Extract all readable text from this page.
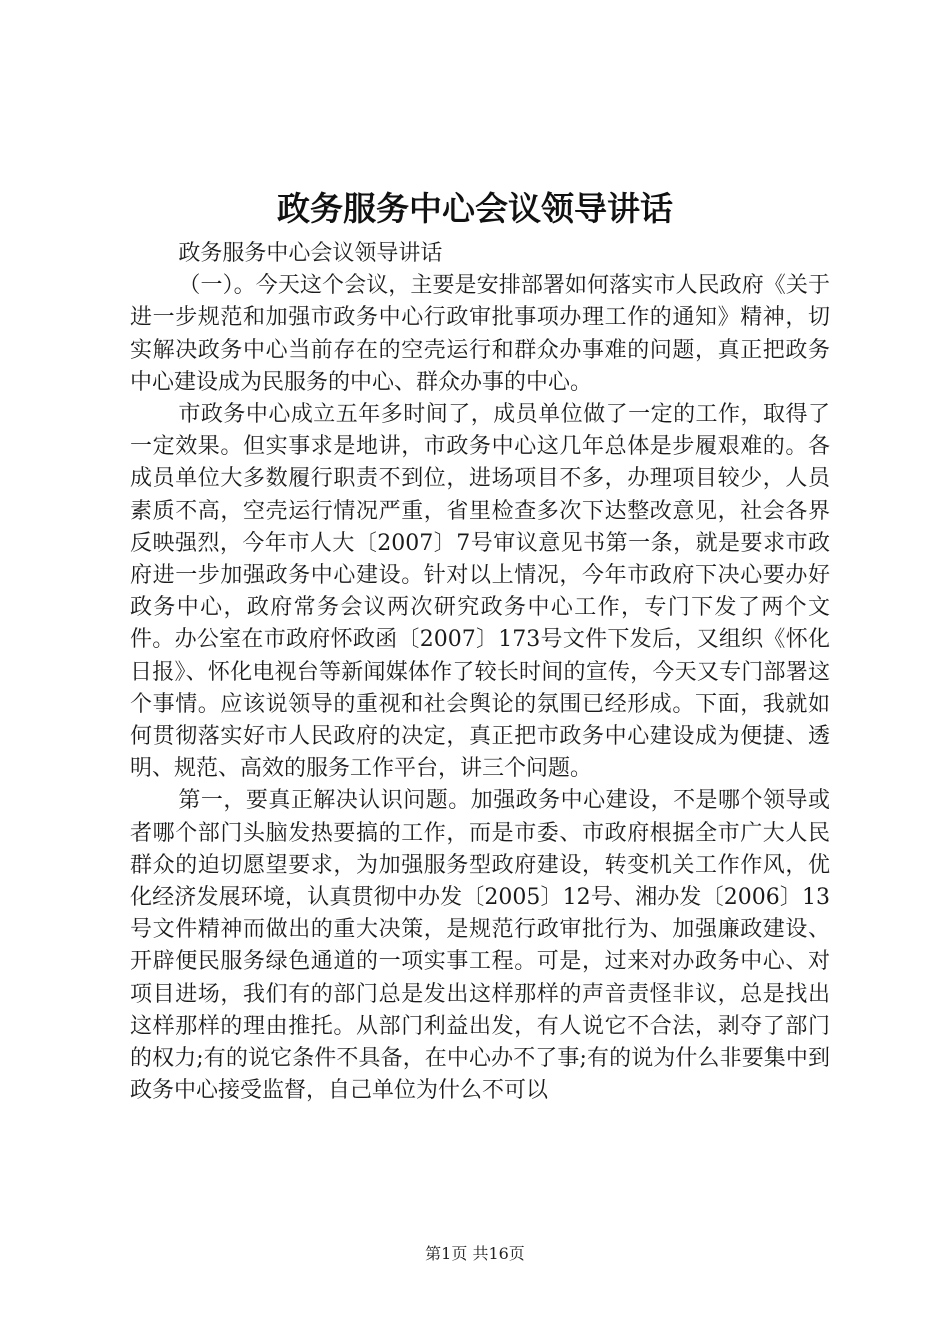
政务服务中心会议领导讲话

政务服务中心会议领导讲话

（一）。今天这个会议，主要是安排部署如何落实市人民政府《关于进一步规范和加强市政务中心行政审批事项办理工作的通知》精神，切实解决政务中心当前存在的空壳运行和群众办事难的问题，真正把政务中心建设成为民服务的中心、群众办事的中心。

市政务中心成立五年多时间了，成员单位做了一定的工作，取得了一定效果。但实事求是地讲，市政务中心这几年总体是步履艰难的。各成员单位大多数履行职责不到位，进场项目不多，办理项目较少，人员素质不高，空壳运行情况严重，省里检查多次下达整改意见，社会各界反映强烈，今年市人大〔2007〕7号审议意见书第一条，就是要求市政府进一步加强政务中心建设。针对以上情况，今年市政府下决心要办好政务中心，政府常务会议两次研究政务中心工作，专门下发了两个文件。办公室在市政府怀政函〔2007〕173号文件下发后，又组织《怀化日报》、怀化电视台等新闻媒体作了较长时间的宣传，今天又专门部署这个事情。应该说领导的重视和社会舆论的氛围已经形成。下面，我就如何贯彻落实好市人民政府的决定，真正把市政务中心建设成为便捷、透明、规范、高效的服务工作平台，讲三个问题。

第一，要真正解决认识问题。加强政务中心建设，不是哪个领导或者哪个部门头脑发热要搞的工作，而是市委、市政府根据全市广大人民群众的迫切愿望要求，为加强服务型政府建设，转变机关工作作风，优化经济发展环境，认真贯彻中办发〔2005〕12号、湘办发〔2006〕13号文件精神而做出的重大决策，是规范行政审批行为、加强廉政建设、开辟便民服务绿色通道的一项实事工程。可是，过来对办政务中心、对项目进场，我们有的部门总是发出这样那样的声音责怪非议，总是找出这样那样的理由推托。从部门利益出发，有人说它不合法，剥夺了部门的权力;有的说它条件不具备，在中心办不了事;有的说为什么非要集中到政务中心接受监督，自己单位为什么不可以

第1页 共16页
